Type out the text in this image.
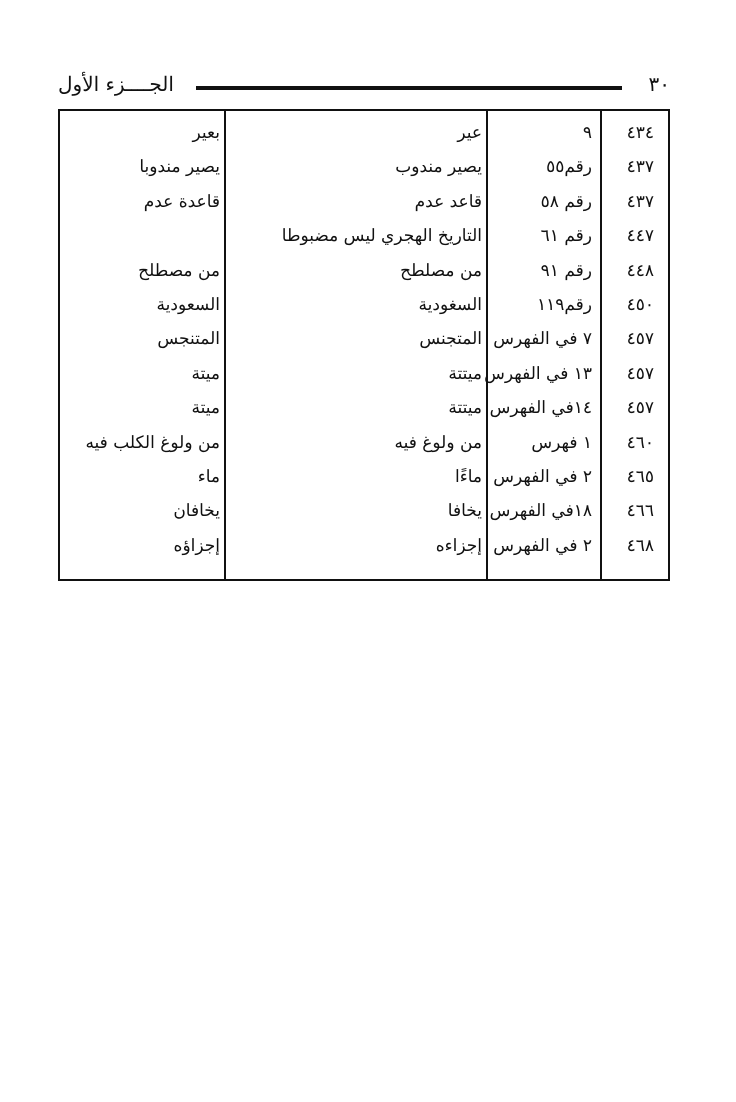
٣٠
الجــــزء الأول
٤٣٤
٩
عير
بعير
٤٣٧
رقم٥٥
يصير مندوب
يصير مندوبا
٤٣٧
رقم ٥٨
قاعد عدم
قاعدة عدم
٤٤٧
رقم ٦١
التاريخ الهجري ليس مضبوطا
٤٤٨
رقم ٩١
من مصلطح
من مصطلح
٤٥٠
رقم١١٩
السغودية
السعودية
٤٥٧
٧ في الفهرس
المتجنس
المتنجس
٤٥٧
١٣ في الفهرس
ميتتة
ميتة
٤٥٧
١٤في الفهرس
ميتتة
ميتة
٤٦٠
١ فهرس
من ولوغ فيه
من ولوغ الكلب فيه
٤٦٥
٢ في الفهرس
ماءًا
ماء
٤٦٦
١٨في الفهرس
يخافا
يخافان
٤٦٨
٢ في الفهرس
إجزاءه
إجزاؤه
